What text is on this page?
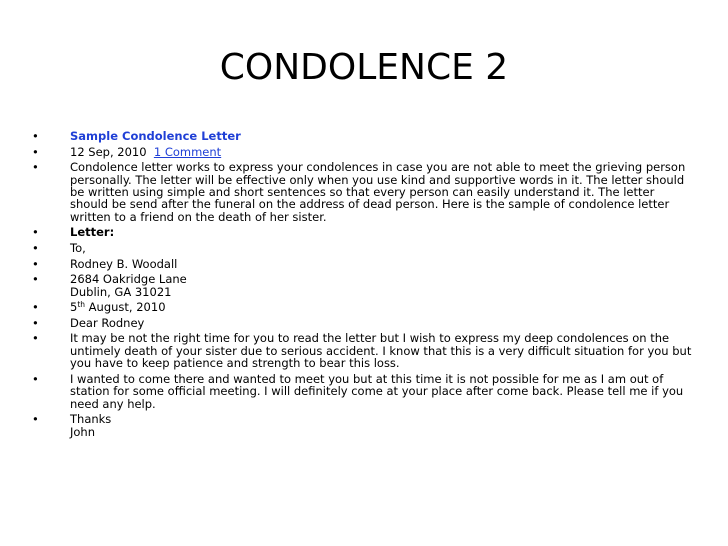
CONDOLENCE 2
•	Sample Condolence Letter
•	12 Sep, 2010 1 Comment
•	Condolence letter works to express your condolences in case you are not able to meet the grieving person personally. The letter will be effective only when you use kind and supportive words in it. The letter should be written using simple and short sentences so that every person can easily understand it. The letter should be send after the funeral on the address of dead person. Here is the sample of condolence letter written to a friend on the death of her sister.
•	Letter:
•	To,
•	Rodney B. Woodall
•	2684 Oakridge Lane
Dublin, GA 31021
•	5th August, 2010
•	Dear Rodney
•	It may be not the right time for you to read the letter but I wish to express my deep condolences on the untimely death of your sister due to serious accident. I know that this is a very difficult situation for you but you have to keep patience and strength to bear this loss.
•	I wanted to come there and wanted to meet you but at this time it is not possible for me as I am out of station for some official meeting. I will definitely come at your place after come back. Please tell me if you need any help.
•	Thanks
John
